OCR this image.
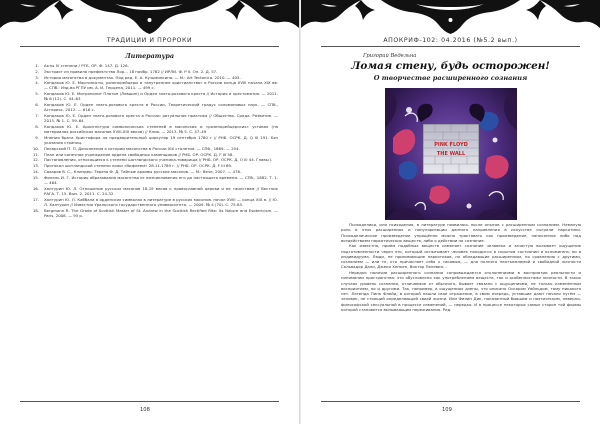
ТРАДИЦИИ И ПРОРОКИ
Литература
1.	Акты IV степени / РГБ. ОР. Ф. 147. Д. 126.
2.	Экстракт из правила префектства Лор... 18 ноябр. 1782 // ИРЛИ. Ф. P II. Оп. 2. Д. 57.
3.	История масонства в документах. Под ред. Е. А. Кузьминкина. — М.: Art Tectonica. 2010. — 405.
4.	Кондаков Ю. Е. Мартинисты, розенкрейцеры и «внутреннее христианство» в России конца XVIII начала XIX вв. — СПб.: Изд-во РГПУ им. А. И. Герцена, 2011. — 499 с.
5.	Кондаков Ю. Е. Митрополит Платон (Левшин) и Орден злато-розового креста // История и хрестоматия. — 2011. № 6 (12). С. 44–63
6.	Кондаков Ю. Е. Орден злато-розового креста в России. Теоретический градус соломоновых наук. — СПб., Астерикс. 2012. — 616 с.
7.	Кондаков Ю. Е. Орден злато-розового креста в России: ритуальная практика // Общество. Среда. Развитие. — 2013. № 1. С. 59–64
8.	Кондаков Ю. Е. Архитектура символических степеней в масонских и «розенкрейцерских» уставах (на материалах российских масонов XVIII-XIX веков) // Клио. — 2013. № 5. С. 47–49
9.	Мнения брата Христофора на предварительный циркуляр 19 сентября 1780 г // РНБ. ОСРК. Д. Q III 191. Без указания страниц.
10.	Пекарский П. П. Дополнения к истории масонства в России XIX столетия. — СПб., 1869. — 254.
11.	План или конечное учреждение ордена свободных каменщиков // РНБ. ОР. ОСРК. Д. F III 58.
12.	Постановления, относящиеся к степени шотландского ученика-товарища // РНБ. ОР. ОСРК. Д. О III 44. Главы I.
13.	Протокол шотландской степени ложи «Вифлеем» 28.11.1789 г. // РНБ. ОР. ОСРК. Д. F III 69.
14.	Сахаров В. С., Клиндер. Тереза Ф. Д. Тайные архивы русских масонов. — М.: Вече, 2007. — 478.
15.	Филель И. Г. История образования масонства от возникновения его до настоящего времени. — СПб., 1882. Т. 1. — 464.
16.	Халтурин Ю. Л. Отношение русских масонов 18-19 веков к православной церкви и ее таинствам // Вестник РАГА. Т. 15. Вып. 2. 2011. С. 24-32.
17.	Халтурин Ю. Л. Каббала в орденских символах в литературе в русских масонов. начал XVIII — конца XIX в. // Ю. Л. Халтурин // Известия Уральского государственного университета. — 2009. № 4 (70). С. 75-85.
18.	Bergmann R. The Grade of Scottish Master of St. Andrew in the Scottish Rectified Rite: its Nature and Esotericism. — Paris, 2008. — 95 p.
108
АПОКРИФ-102: 04.2016 (№5.2 вып.)
Григорий Ведельна
Ломая стену, будь осторожен!
О творчестве расширенного сознания
PINK FLOYD
THE WALL

Психоделика, или психоделия, в литературе появилась после опытов с расширенным сознанием. Немалую роль в этих расширениях и популяризации данного направления в искусстве сыграли наркотики. Психоделическое произведение упрощённо можно трактовать как произведение, написанное либо под воздействием наркотических веществ, либо о действии на сознание.

Как известно, приём подобных веществ изменяет сознание человека и зачастую вызывает ощущение подготовленности через это, который испытывает человек находится в скрытом состоянии и вспоминать ни в индивидуума. Люди, не принимающие наркотиков, но обладающие расширенным, по сравнению с другими, сознанием — или те, кто причисляет себя к таковым, — для полного неотъемлемой и свободной личности Сальвадор Дали, Джеки Хенкен, Виктор Пелевин...

Нередко наличие расширенного сознания сопровождается отклонениями в восприятии реальности и понимании пространства: это обусловлено как употреблением веществ, так и особенностями личности. В таких случаях уровень сознания, отличаемое от обычного, бывает связано с ощущениями, не только изменённым восприятием, но и другими. Так, например, в ощущениях дзены, что описано Оскаром Уайльдом, тому никакого нет. Легенда Пинк Флойд, в которой нашли своё отражение, в свою очередь, уставшие дают начало путём — человек, не стоящий определяющей своей жизни. Или Филип Дик, показанный бывшим и поэтическим, неверно-философской сексуальной в процессе изменений, — нередко. И в процессе некоторых самых сторон той формы которой становится вызывающим переживания. Ред.

109
